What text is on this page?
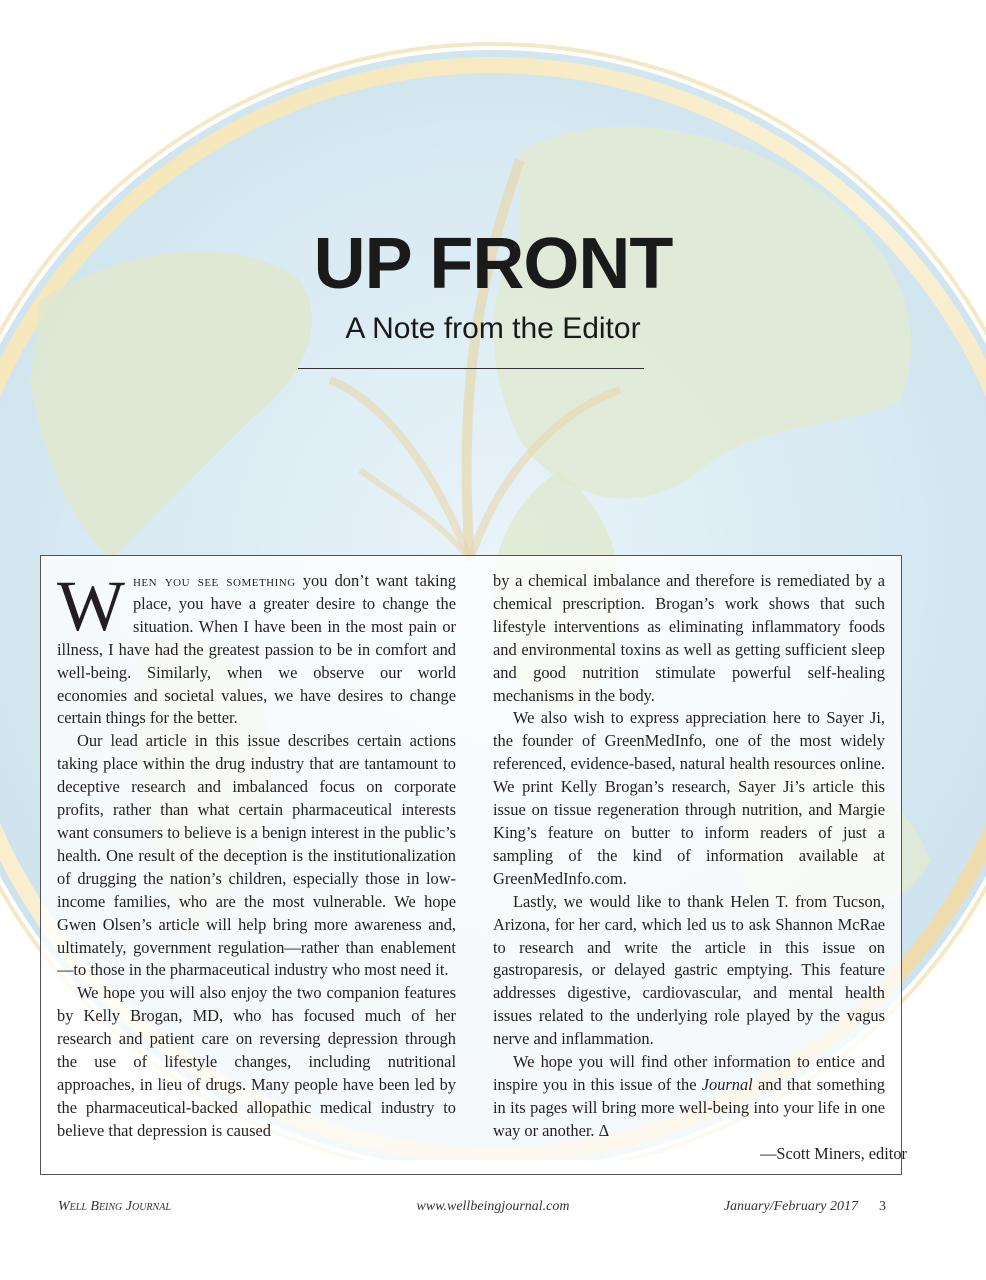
UP FRONT
A Note from the Editor

When you see something you don’t want taking place, you have a greater desire to change the situation. When I have been in the most pain or illness, I have had the greatest passion to be in comfort and well-being. Similarly, when we observe our world economies and societal values, we have desires to change certain things for the better.

Our lead article in this issue describes certain actions taking place within the drug industry that are tantamount to deceptive research and imbalanced focus on corporate profits, rather than what certain pharmaceutical interests want consumers to believe is a benign interest in the public’s health. One result of the deception is the institutionalization of drugging the nation’s children, especially those in low-income families, who are the most vulnerable. We hope Gwen Olsen’s article will help bring more awareness and, ultimately, government regulation—rather than enablement—to those in the pharmaceutical industry who most need it.

We hope you will also enjoy the two companion features by Kelly Brogan, MD, who has focused much of her research and patient care on reversing depression through the use of lifestyle changes, including nutritional approaches, in lieu of drugs. Many people have been led by the pharmaceutical-backed allopathic medical industry to believe that depression is caused

by a chemical imbalance and therefore is remediated by a chemical prescription. Brogan’s work shows that such lifestyle interventions as eliminating inflammatory foods and environmental toxins as well as getting sufficient sleep and good nutrition stimulate powerful self-healing mechanisms in the body.

We also wish to express appreciation here to Sayer Ji, the founder of GreenMedInfo, one of the most widely referenced, evidence-based, natural health resources online. We print Kelly Brogan’s research, Sayer Ji’s article this issue on tissue regeneration through nutrition, and Margie King’s feature on butter to inform readers of just a sampling of the kind of information available at GreenMedInfo.com.

Lastly, we would like to thank Helen T. from Tucson, Arizona, for her card, which led us to ask Shannon McRae to research and write the article in this issue on gastroparesis, or delayed gastric emptying. This feature addresses digestive, cardiovascular, and mental health issues related to the underlying role played by the vagus nerve and inflammation.

We hope you will find other information to entice and inspire you in this issue of the Journal and that something in its pages will bring more well-being into your life in one way or another. Δ

—Scott Miners, editor

Well Being Journal	www.wellbeingjournal.com	January/February 2017 3
